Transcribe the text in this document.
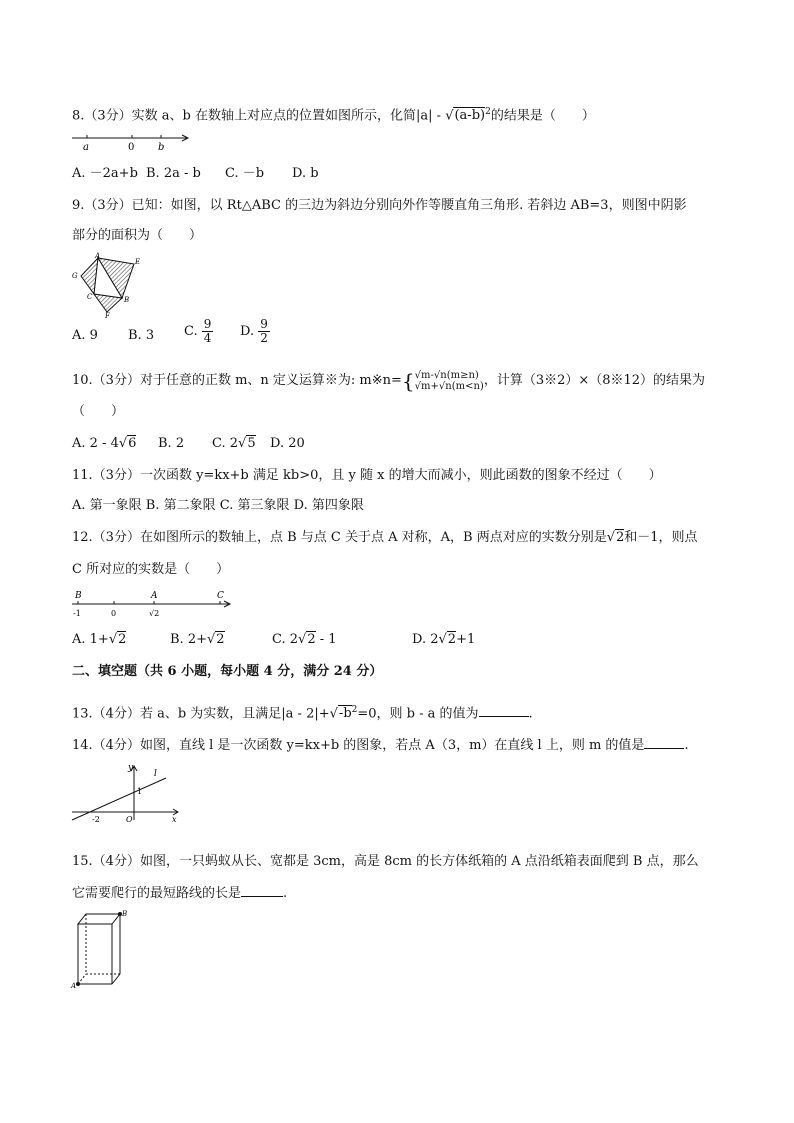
8.（3分）实数 a、b 在数轴上对应点的位置如图所示，化简$|a| - √(a-b)^2$的结果是（　　）
a	0 b
A. －2a+b B. 2a - b C. －b D. b
9.（3分）已知：如图，以 Rt△ABC 的三边为斜边分别向外作等腰直角三角形. 若斜边 AB=3，则图中阴影
部分的面积为（　　）
G
A
E
C	B
F
A. 9 B. 3 C. $\frac{9}{4} D$. $\frac{9}{2}$
10.（3分）对于任意的正数 m、n 定义运算※为: m※n= { √m-√n(m≥n)
√m+√n(m<n) ，计算（3※2）×（8※12）的结果为
（　　）
A. 2 - 4√6 B. 2 C. 2√5 D. 20
11.（3分）一次函数 y=kx+b 满足 kb>0，且 y 随 x 的增大而减小，则此函数的图象不经过（　　）
A. 第一象限 B. 第二象限 C. 第三象限 D. 第四象限
12.（3分）在如图所示的数轴上，点 B 与点 C 关于点 A 对称，A，B 两点对应的实数分别是√2和－1，则点
C 所对应的实数是（　　）
B	A	C
-1	0	√2
A. 1+√2	B. 2+√2	C. 2√2 - 1	D. 2√2+1
二、填空题（共 6 小题，每小题 4 分，满分 24 分）
13.（4分）若 a、b 为实数，且满足$|a - 2|+√-b^2=0$，则 b - a 的值为	.
14.（4分）如图，直线 l 是一次函数 y=kx+b 的图象，若点 A（3，m）在直线 l 上，则 m 的值是	.
y
l
1
-2	O	x
15.（4分）如图，一只蚂蚁从长、宽都是 3cm，高是 8cm 的长方体纸箱的 A 点沿纸箱表面爬到 B 点，那么
它需要爬行的最短路线的长是	.
B
A
